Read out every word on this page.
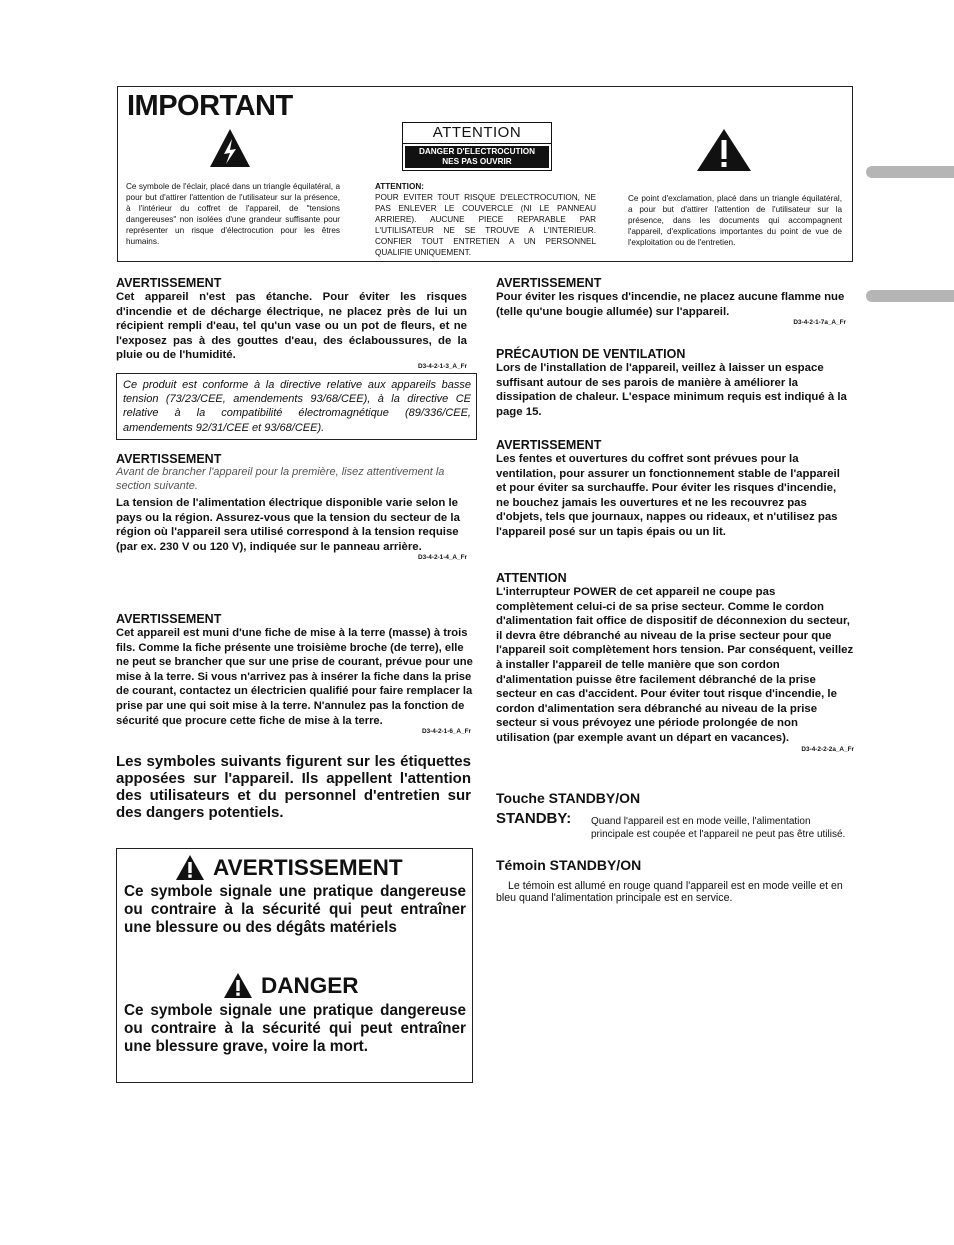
IMPORTANT
Ce symbole de l'éclair, placé dans un triangle équilatéral, a pour but d'attirer l'attention de l'utilisateur sur la présence, à l'intérieur du coffret de l'appareil, de "tensions dangereuses" non isolées d'une grandeur suffisante pour représenter un risque d'électrocution pour les êtres humains.
ATTENTION
DANGER D'ELECTROCUTION
NES PAS OUVRIR
ATTENTION:
POUR EVITER TOUT RISQUE D'ELECTROCUTION, NE PAS ENLEVER LE COUVERCLE (NI LE PANNEAU ARRIERE). AUCUNE PIECE REPARABLE PAR L'UTILISATEUR NE SE TROUVE A L'INTERIEUR. CONFIER TOUT ENTRETIEN A UN PERSONNEL QUALIFIE UNIQUEMENT.
Ce point d'exclamation, placé dans un triangle équilatéral, a pour but d'attirer l'attention de l'utilisateur sur la présence, dans les documents qui accompagnent l'appareil, d'explications importantes du point de vue de l'exploitation ou de l'entretien.
AVERTISSEMENT
Cet appareil n'est pas étanche. Pour éviter les risques d'incendie et de décharge électrique, ne placez près de lui un récipient rempli d'eau, tel qu'un vase ou un pot de fleurs, et ne l'exposez pas à des gouttes d'eau, des éclaboussures, de la pluie ou de l'humidité.
D3-4-2-1-3_A_Fr
Ce produit est conforme à la directive relative aux appareils basse tension (73/23/CEE, amendements 93/68/CEE), à la directive CE relative à la compatibilité électromagnétique (89/336/CEE, amendements 92/31/CEE et 93/68/CEE).
AVERTISSEMENT
Avant de brancher l'appareil pour la première, lisez attentivement la section suivante.
La tension de l'alimentation électrique disponible varie selon le pays ou la région. Assurez-vous que la tension du secteur de la région où l'appareil sera utilisé correspond à la tension requise (par ex. 230 V ou 120 V), indiquée sur le panneau arrière.
D3-4-2-1-4_A_Fr
AVERTISSEMENT
Cet appareil est muni d'une fiche de mise à la terre (masse) à trois fils. Comme la fiche présente une troisième broche (de terre), elle ne peut se brancher que sur une prise de courant, prévue pour une mise à la terre. Si vous n'arrivez pas à insérer la fiche dans la prise de courant, contactez un électricien qualifié pour faire remplacer la prise par une qui soit mise à la terre. N'annulez pas la fonction de sécurité que procure cette fiche de mise à la terre.
D3-4-2-1-6_A_Fr
Les symboles suivants figurent sur les étiquettes apposées sur l'appareil. Ils appellent l'attention des utilisateurs et du personnel d'entretien sur des dangers potentiels.
AVERTISSEMENT
Ce symbole signale une pratique dangereuse ou contraire à la sécurité qui peut entraîner une blessure ou des dégâts matériels
DANGER
Ce symbole signale une pratique dangereuse ou contraire à la sécurité qui peut entraîner une blessure grave, voire la mort.
AVERTISSEMENT
Pour éviter les risques d'incendie, ne placez aucune flamme nue (telle qu'une bougie allumée) sur l'appareil.
D3-4-2-1-7a_A_Fr
PRÉCAUTION DE VENTILATION
Lors de l'installation de l'appareil, veillez à laisser un espace suffisant autour de ses parois de manière à améliorer la dissipation de chaleur. L'espace minimum requis est indiqué à la page 15.
AVERTISSEMENT
Les fentes et ouvertures du coffret sont prévues pour la ventilation, pour assurer un fonctionnement stable de l'appareil et pour éviter sa surchauffe. Pour éviter les risques d'incendie, ne bouchez jamais les ouvertures et ne les recouvrez pas d'objets, tels que journaux, nappes ou rideaux, et n'utilisez pas l'appareil posé sur un tapis épais ou un lit.
ATTENTION
L'interrupteur POWER de cet appareil ne coupe pas complètement celui-ci de sa prise secteur. Comme le cordon d'alimentation fait office de dispositif de déconnexion du secteur, il devra être débranché au niveau de la prise secteur pour que l'appareil soit complètement hors tension. Par conséquent, veillez à installer l'appareil de telle manière que son cordon d'alimentation puisse être facilement débranché de la prise secteur en cas d'accident. Pour éviter tout risque d'incendie, le cordon d'alimentation sera débranché au niveau de la prise secteur si vous prévoyez une période prolongée de non utilisation (par exemple avant un départ en vacances).
D3-4-2-2-2a_A_Fr
Touche STANDBY/ON
STANDBY: Quand l'appareil est en mode veille, l'alimentation principale est coupée et l'appareil ne peut pas être utilisé.
Témoin STANDBY/ON
Le témoin est allumé en rouge quand l'appareil est en mode veille et en bleu quand l'alimentation principale est en service.
